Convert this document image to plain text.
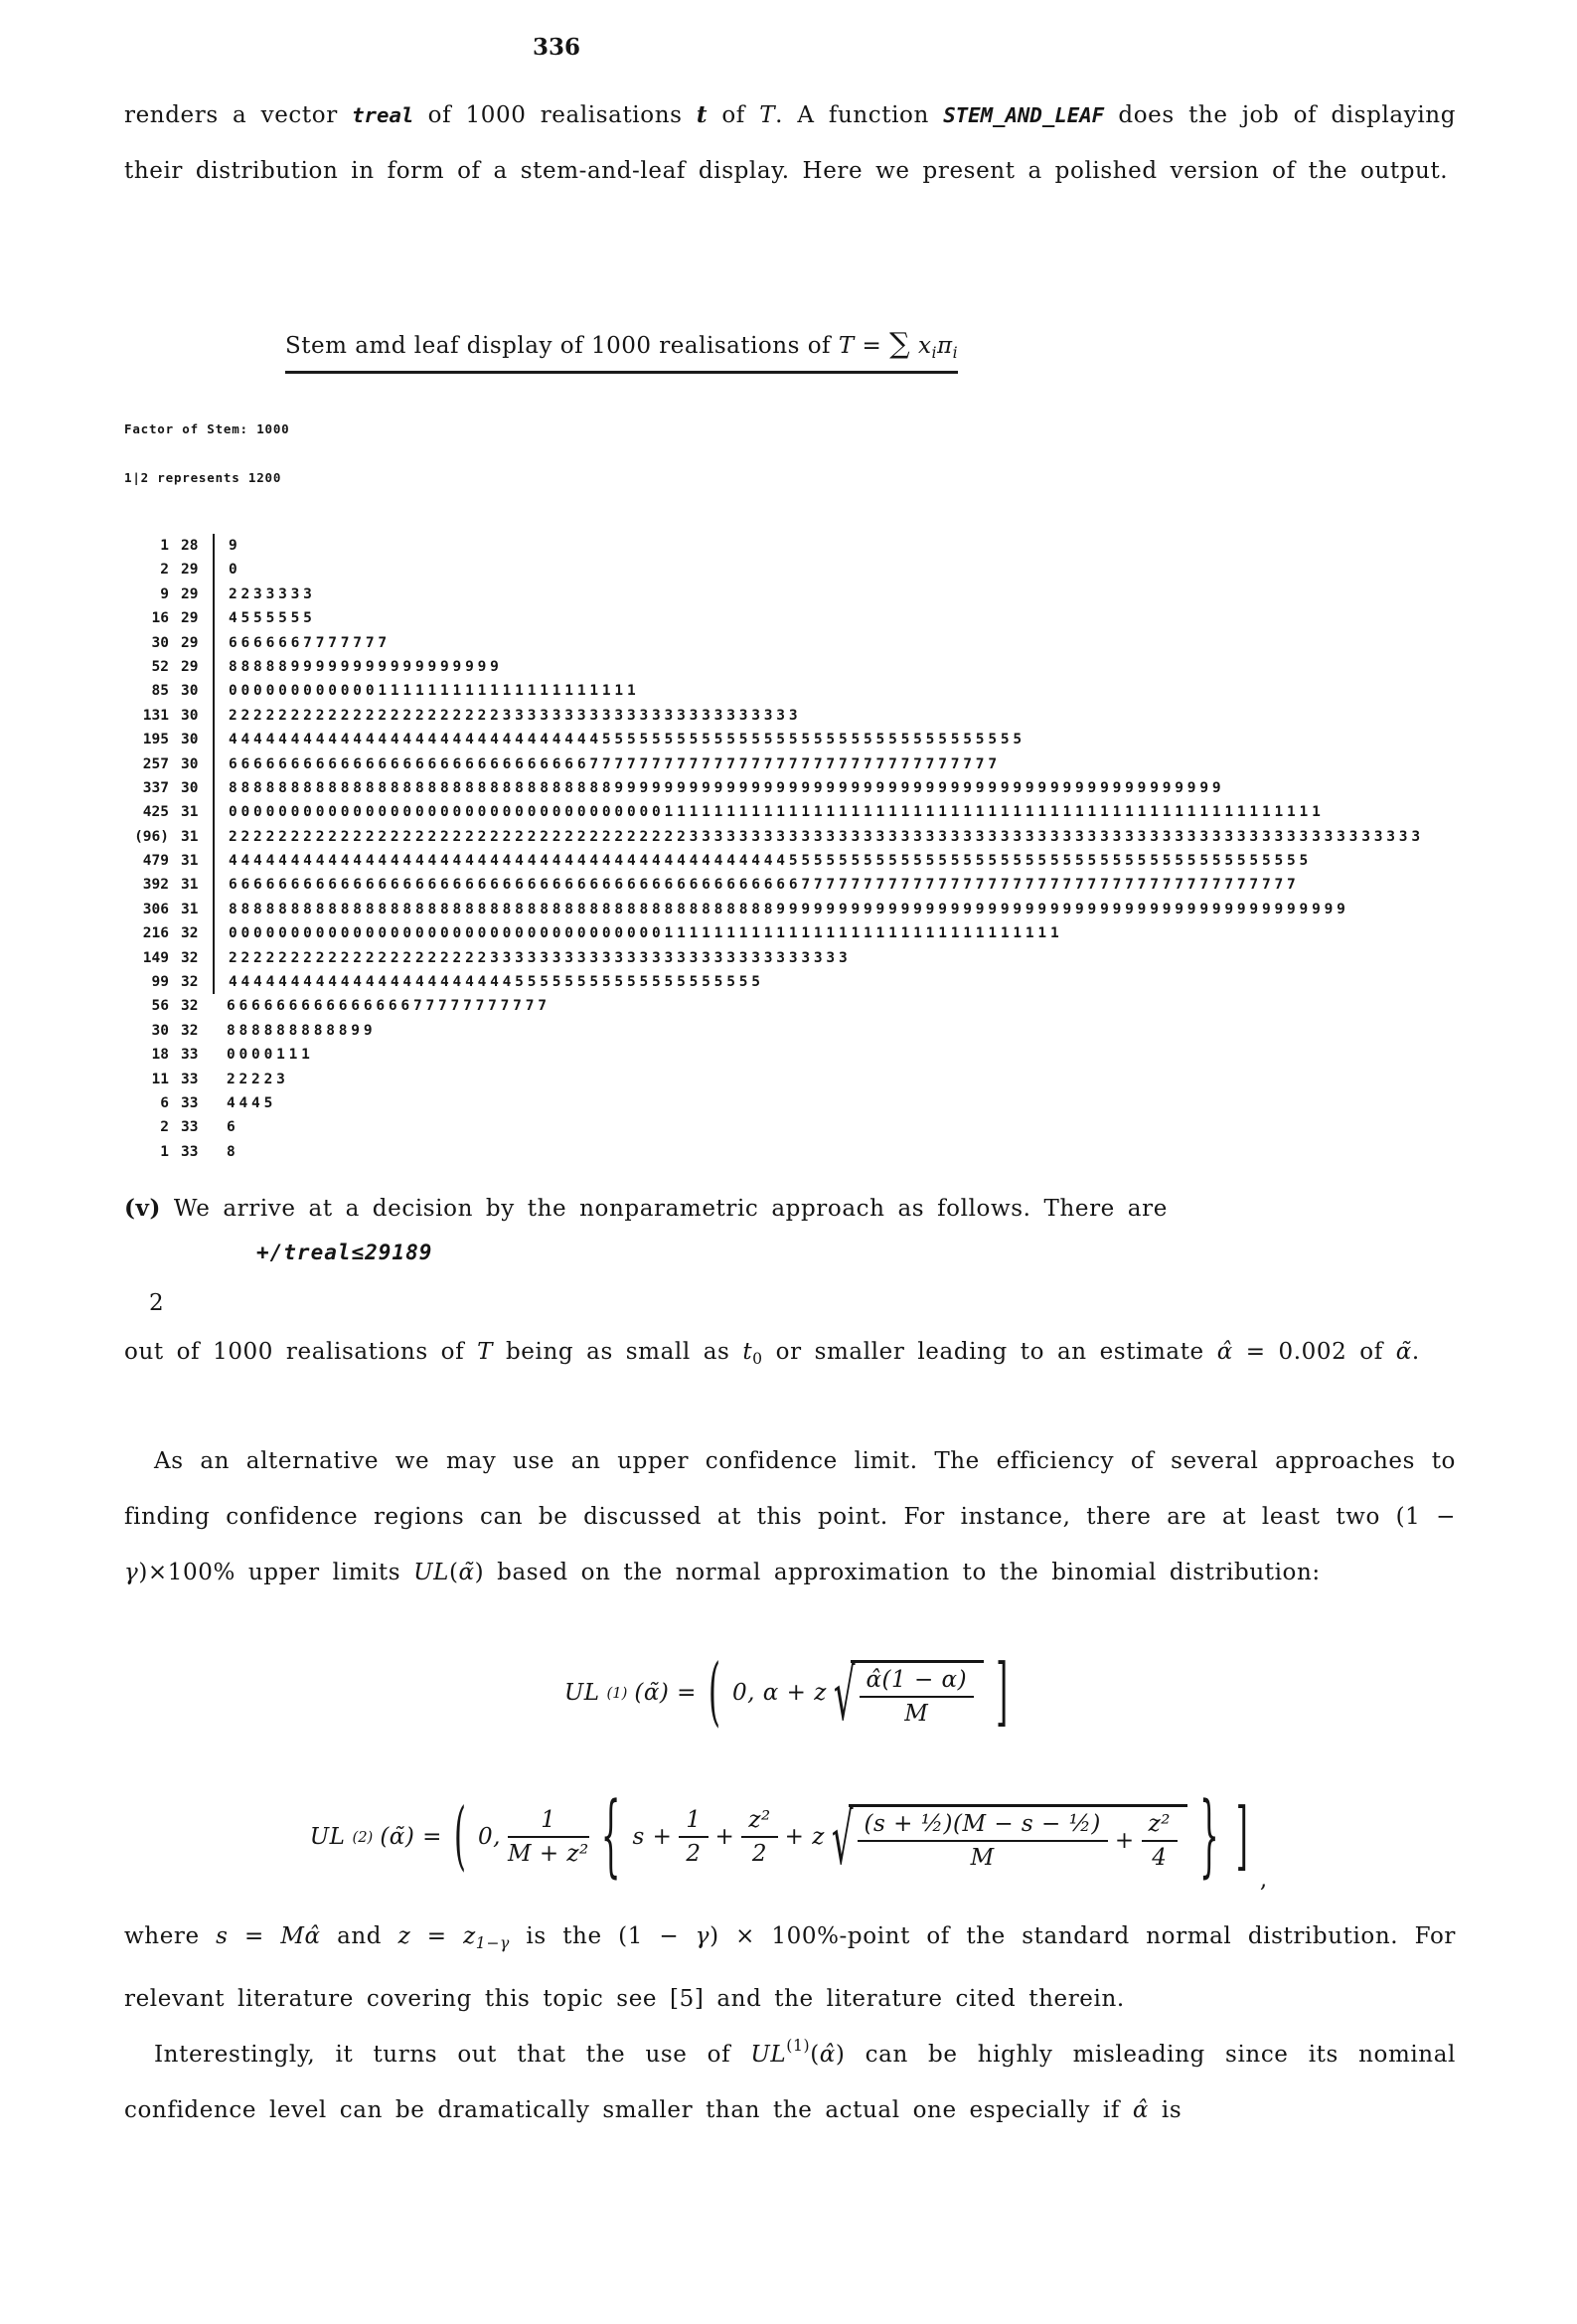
336
renders a vector treal of 1000 realisations t of T. A function STEM_AND_LEAF does the job of displaying their distribution in form of a stem-and-leaf display. Here we present a polished version of the output.
Stem amd leaf display of 1000 realisations of T = ∑ $x_i\pi_i$
Factor of Stem: 1000
1|2 represents 1200
1 28	9
2 29	0
9 29	2233333
16 29	4555555
30 29	6666667777777
52 29	8888899999999999999999
85 30	000000000000111111111111111111111
131 30	2222222222222222222222333333333333333333333333
195 30	4444444444444444444444444444445555555555555555555555555555555555
257 30	66666666666666666666666666666777777777777777777777777777777777
337 30	88888888888888888888888888888889999999999999999999999999999999999999999999999999
425 31	0000000000000000000000000000000000011111111111111111111111111111111111111111111111111111
(96) 31	222222222222222222222222222222222222233333333333333333333333333333333333333333333333333333333333
479 31	444444444444444444444444444444444444444444444555555555555555555555555555555555555555555
392 31	66666666666666666666666666666666666666666666667777777777777777777777777777777777777777
306 31	888888888888888888888888888888888888888888889999999999999999999999999999999999999999999999
216 32	0000000000000000000000000000000000011111111111111111111111111111111
149 32	22222222222222222222233333333333333333333333333333
99 32	4444444444444444444444455555555555555555555
56 32	66666666666666677777777777
30 32	888888888899
18 33	0000111
11 33	22223
6 33	4445
2 33	6
1 33	8
(v) We arrive at a decision by the nonparametric approach as follows. There are
+/treal≤29189
2
out of 1000 realisations of T being as small as $t_0$ or smaller leading to an estimate α̂ = 0.002 of α̃.
As an alternative we may use an upper confidence limit. The efficiency of several approaches to finding confidence regions can be discussed at this point. For instance, there are at least two (1 − γ)×100% upper limits UL(α̃) based on the normal approximation to the binomial distribution:
UL (1) (α̃) = ( 0, α + z √ $\frac{\alphâ(1 - \alpha)}{M}$ ]
UL (2) (α̃) = ( 0, $\frac{1}{\text{M + z²}}$ { $s + \frac{1}{2} + \frac{\text{z²}}{2} + z$ √ $\frac{\text{(s + ½)(M − s − ½)}}{M} + \frac{\text{z²}}{4}$ } ] ,
where s = Mα̂ and $z = z_{1-\gamma}$ is the (1 − γ) × 100%-point of the standard normal distribution. For relevant literature covering this topic see [5] and the literature cited therein.
Interestingly, it turns out that the use of UL$^{(1)}$(α̂) can be highly misleading since its nominal confidence level can be dramatically smaller than the actual one especially if α̂ is
